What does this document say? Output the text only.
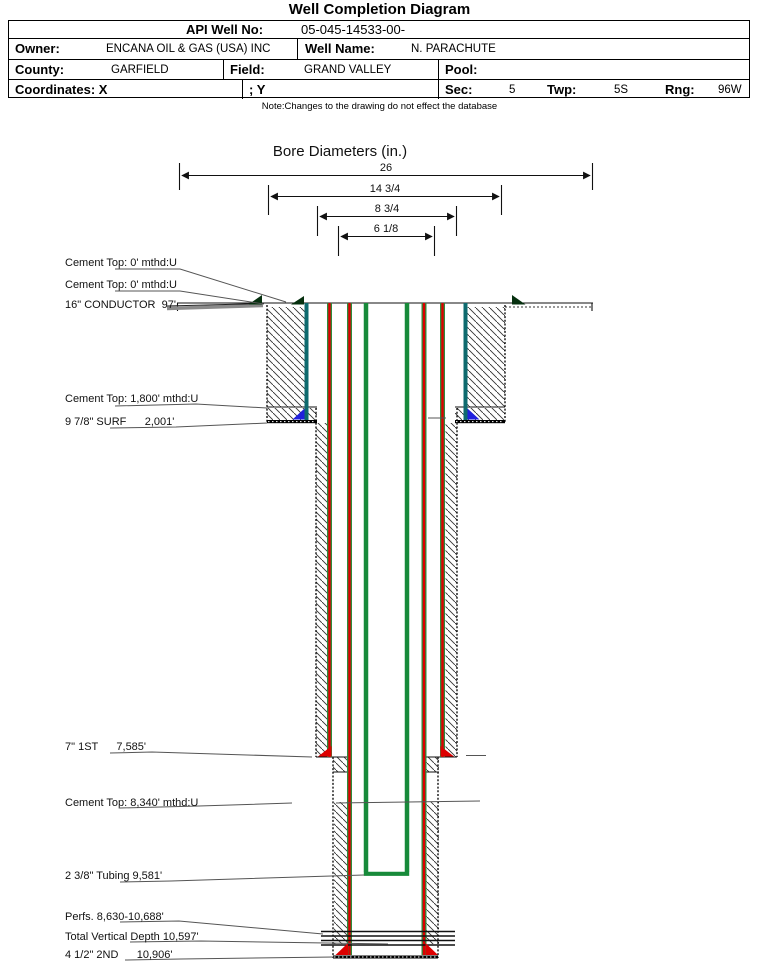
Well Completion Diagram
API Well No:	05-045-14533-00-
Owner:	ENCANA OIL & GAS (USA) INC	Well Name:	N. PARACHUTE
County:	GARFIELD	Field:	GRAND VALLEY	Pool:
Coordinates: X	; Y	Sec:	5 Twp:	5S	Rng: 96W
Note:Changes to the drawing do not effect the database
Bore Diameters (in.)
26
14 3/4
8 3/4
6 1/8
Cement Top: 0' mthd:U
Cement Top: 0' mthd:U
16" CONDUCTOR  97'
Cement Top: 1,800' mthd:U
9 7/8" SURF      2,001'
7" 1ST      7,585'
Cement Top: 8,340' mthd:U
2 3/8" Tubing 9,581'
Perfs. 8,630-10,688'
Total Vertical Depth 10,597'
4 1/2" 2ND      10,906'
